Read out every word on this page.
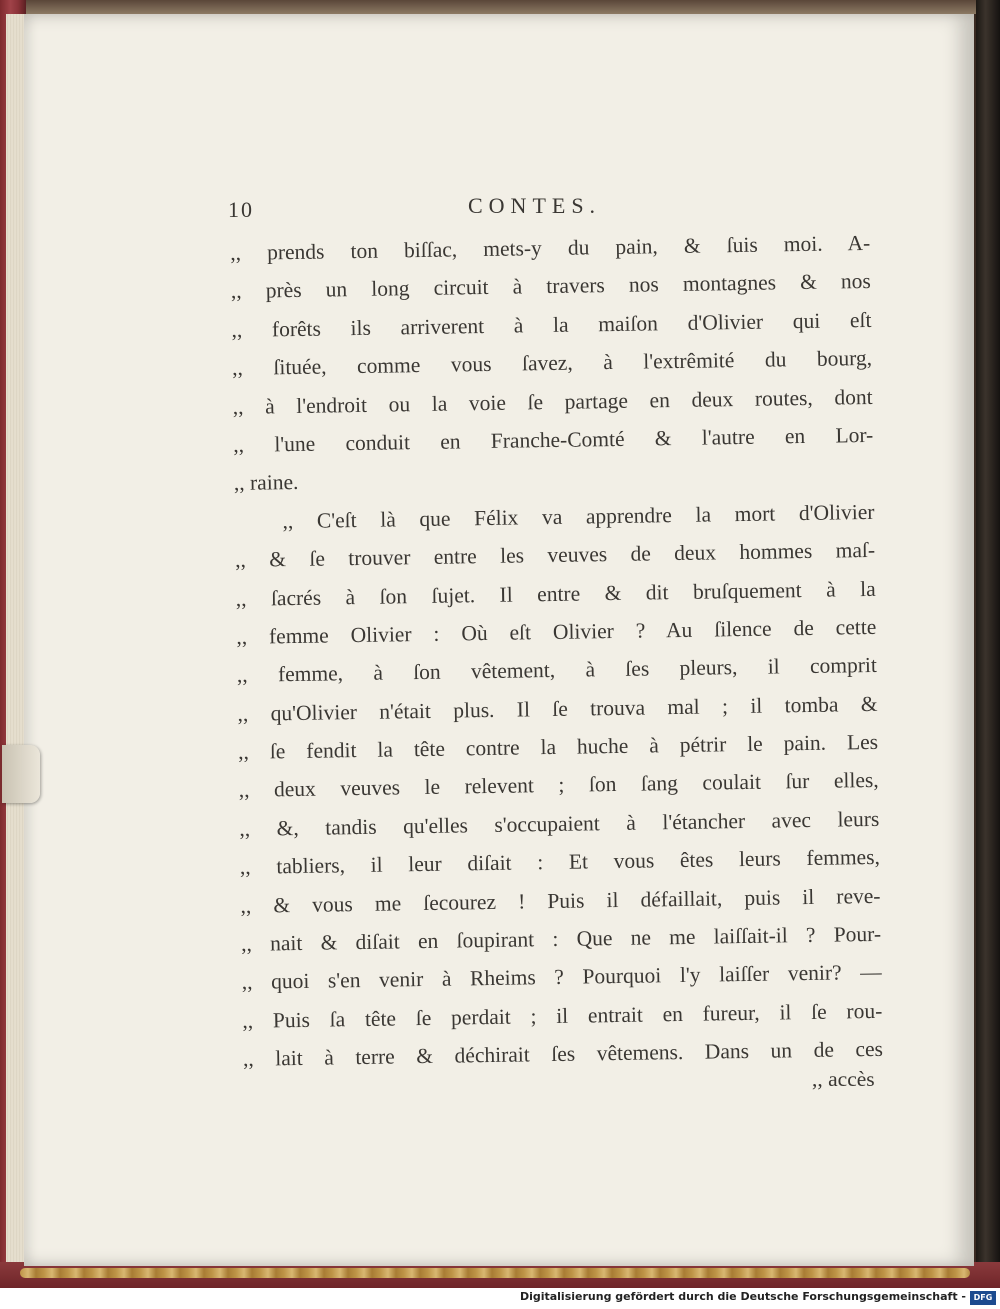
10	CONTES.
,, prends ton biſſac, mets-y du pain, & ſuis moi. A-
,, près un long circuit à travers nos montagnes & nos
,, forêts ils arriverent à la maiſon d'Olivier qui eſt
,, ſituée, comme vous ſavez, à l'extrêmité du bourg,
,, à l'endroit ou la voie ſe partage en deux routes, dont
,, l'une conduit en Franche-Comté & l'autre en Lor-
,, raine.
,, C'eſt là que Félix va apprendre la mort d'Olivier
,, & ſe trouver entre les veuves de deux hommes maſ-
,, ſacrés à ſon ſujet. Il entre & dit bruſquement à la
,, femme Olivier : Où eſt Olivier ? Au ſilence de cette
,, femme, à ſon vêtement, à ſes pleurs, il comprit
,, qu'Olivier n'était plus. Il ſe trouva mal ; il tomba &
,, ſe fendit la tête contre la huche à pétrir le pain. Les
,, deux veuves le relevent ; ſon ſang coulait ſur elles,
,, &, tandis qu'elles s'occupaient à l'étancher avec leurs
,, tabliers, il leur diſait : Et vous êtes leurs femmes,
,, & vous me ſecourez ! Puis il défaillait, puis il reve-
,, nait & diſait en ſoupirant : Que ne me laiſſait-il ? Pour-
,, quoi s'en venir à Rheims ? Pourquoi l'y laiſſer venir? —
,, Puis ſa tête ſe perdait ; il entrait en fureur, il ſe rou-
,, lait à terre & déchirait ſes vêtemens. Dans un de ces
,, accès
Digitalisierung gefördert durch die Deutsche Forschungsgemeinschaft - DFG
